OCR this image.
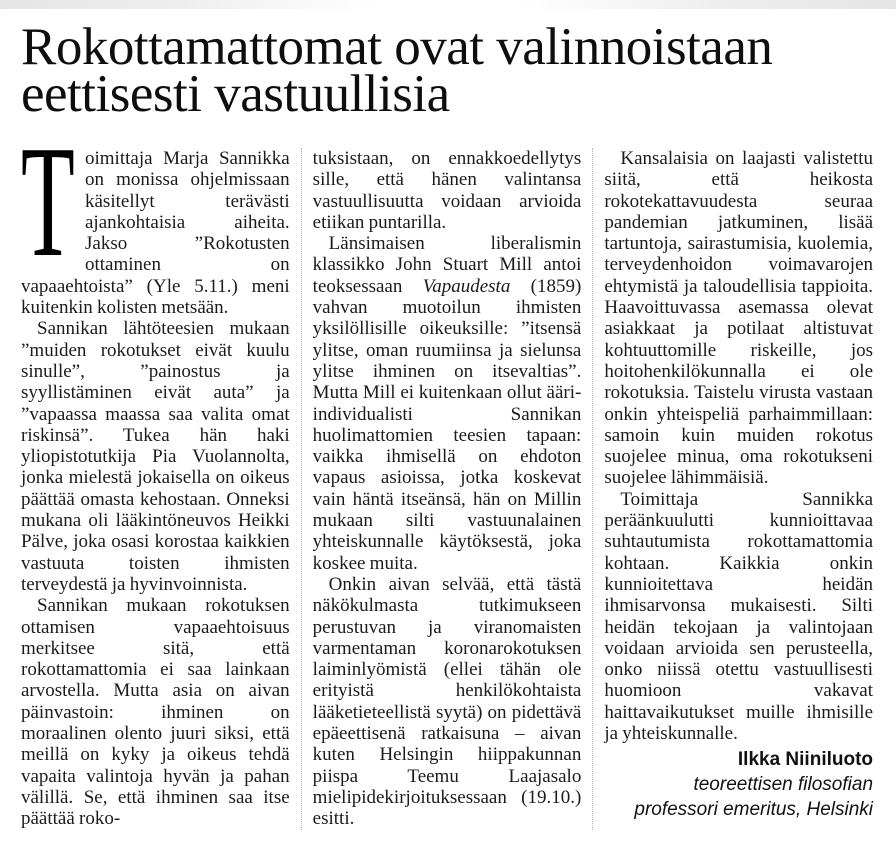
Rokottamattomat ovat valinnoistaan
eettisesti vastuullisia

Toimittaja Marja Sannikka on monissa ohjelmissaan käsitellyt terävästi ajankohtaisia aiheita. Jakso ”Rokotusten ottaminen on vapaaehtoista” (Yle 5.11.) meni kuitenkin kolisten metsään.

Sannikan lähtöteesien mukaan ”muiden rokotukset eivät kuulu sinulle”, ”painostus ja syyllistäminen eivät auta” ja ”vapaassa maassa saa valita omat riskinsä”. Tukea hän haki yliopistotutkija Pia Vuolannolta, jonka mielestä jokaisella on oikeus päättää omasta kehostaan. Onneksi mukana oli lääkintöneuvos Heikki Pälve, joka osasi korostaa kaikkien vastuuta toisten ihmisten terveydestä ja hyvinvoinnista.

Sannikan mukaan rokotuksen ottamisen vapaaehtoisuus merkitsee sitä, että rokottamattomia ei saa lainkaan arvostella. Mutta asia on aivan päinvastoin: ihminen on moraalinen olento juuri siksi, että meillä on kyky ja oikeus tehdä vapaita valintoja hyvän ja pahan välillä. Se, että ihminen saa itse päättää roko-

tuksistaan, on ennakkoedellytys sille, että hänen valintansa vastuullisuutta voidaan arvioida etiikan puntarilla.

Länsimaisen liberalismin klassikko John Stuart Mill antoi teoksessaan Vapaudesta (1859) vahvan muotoilun ihmisten yksilöllisille oikeuksille: ”itsensä ylitse, oman ruumiinsa ja sielunsa ylitse ihminen on itsevaltias”. Mutta Mill ei kuitenkaan ollut ääri-individualisti Sannikan huolimattomien teesien tapaan: vaikka ihmisellä on ehdoton vapaus asioissa, jotka koskevat vain häntä itseänsä, hän on Millin mukaan silti vastuunalainen yhteiskunnalle käytöksestä, joka koskee muita.

Onkin aivan selvää, että tästä näkökulmasta tutkimukseen perustuvan ja viranomaisten varmentaman koronarokotuksen laiminlyömistä (ellei tähän ole erityistä henkilökohtaista lääketieteellistä syytä) on pidettävä epäeettisenä ratkaisuna – aivan kuten Helsingin hiippakunnan piispa Teemu Laajasalo mielipidekirjoituksessaan (19.10.) esitti.

Kansalaisia on laajasti valistettu siitä, että heikosta rokotekattavuudesta seuraa pandemian jatkuminen, lisää tartuntoja, sairastumisia, kuolemia, terveydenhoidon voimavarojen ehtymistä ja taloudellisia tappioita. Haavoittuvassa asemassa olevat asiakkaat ja potilaat altistuvat kohtuuttomille riskeille, jos hoitohenkilökunnalla ei ole rokotuksia. Taistelu virusta vastaan onkin yhteispeliä parhaimmillaan: samoin kuin muiden rokotus suojelee minua, oma rokotukseni suojelee lähimmäisiä.

Toimittaja Sannikka peräänkuulutti kunnioittavaa suhtautumista rokottamattomia kohtaan. Kaikkia onkin kunnioitettava heidän ihmisarvonsa mukaisesti. Silti heidän tekojaan ja valintojaan voidaan arvioida sen perusteella, onko niissä otettu vastuullisesti huomioon vakavat haittavaikutukset muille ihmisille ja yhteiskunnalle.

Ilkka Niiniluoto
teoreettisen filosofian
professori emeritus, Helsinki
